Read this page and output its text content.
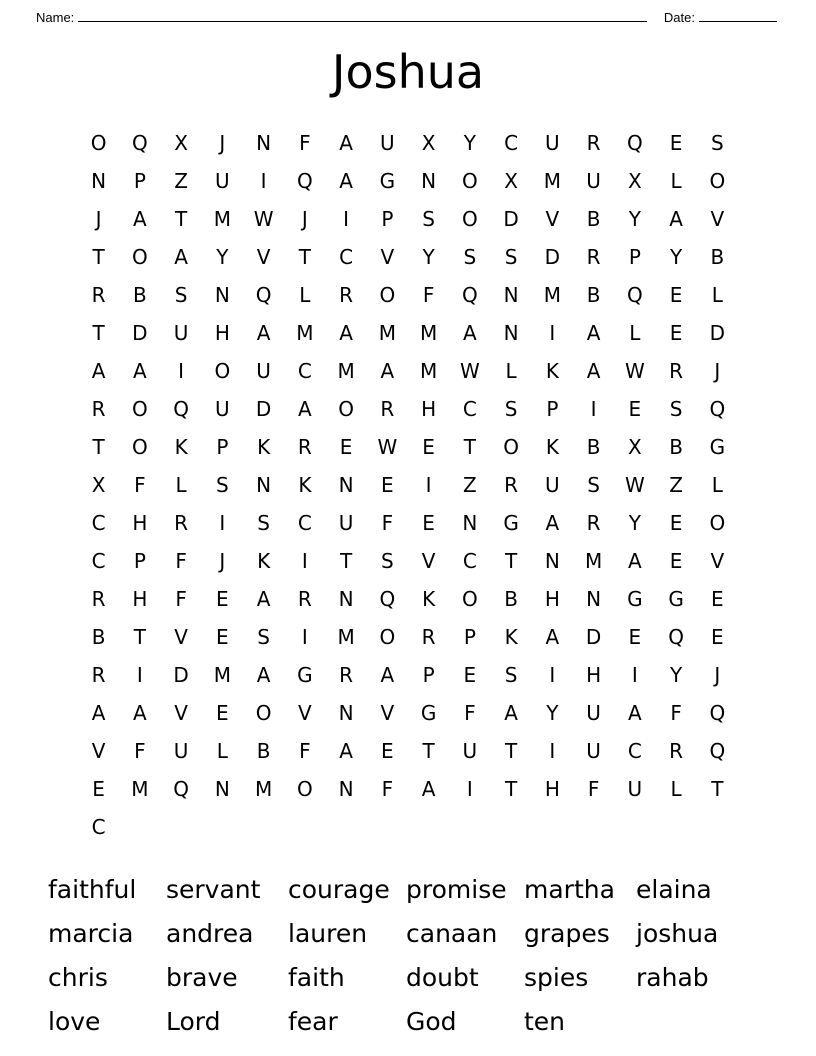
Name:	Date:
Joshua
O	Q	X	J	N	F	A	U	X	Y	C	U	R	Q	E	S
N	P	Z	U	I	Q	A	G	N	O	X	M	U	X	L	O
J	A	T	M	W	J	I	P	S	O	D	V	B	Y	A	V
T	O	A	Y	V	T	C	V	Y	S	S	D	R	P	Y	B
R	B	S	N	Q	L	R	O	F	Q	N	M	B	Q	E	L
T	D	U	H	A	M	A	M	M	A	N	I	A	L	E	D
A	A	I	O	U	C	M	A	M	W	L	K	A	W	R	J
R	O	Q	U	D	A	O	R	H	C	S	P	I	E	S	Q
T	O	K	P	K	R	E	W	E	T	O	K	B	X	B	G
X	F	L	S	N	K	N	E	I	Z	R	U	S	W	Z	L
C	H	R	I	S	C	U	F	E	N	G	A	R	Y	E	O
C	P	F	J	K	I	T	S	V	C	T	N	M	A	E	V
R	H	F	E	A	R	N	Q	K	O	B	H	N	G	G	E
B	T	V	E	S	I	M	O	R	P	K	A	D	E	Q	E
R	I	D	M	A	G	R	A	P	E	S	I	H	I	Y	J
A	A	V	E	O	V	N	V	G	F	A	Y	U	A	F	Q
V	F	U	L	B	F	A	E	T	U	T	I	U	C	R	Q
E	M	Q	N	M	O	N	F	A	I	T	H	F	U	L	T
C
faithful	servant	courage promise martha elaina
marcia	andrea	lauren	canaan	grapes	joshua
chris	brave	faith	doubt	spies	rahab
love	Lord	fear	God	ten
